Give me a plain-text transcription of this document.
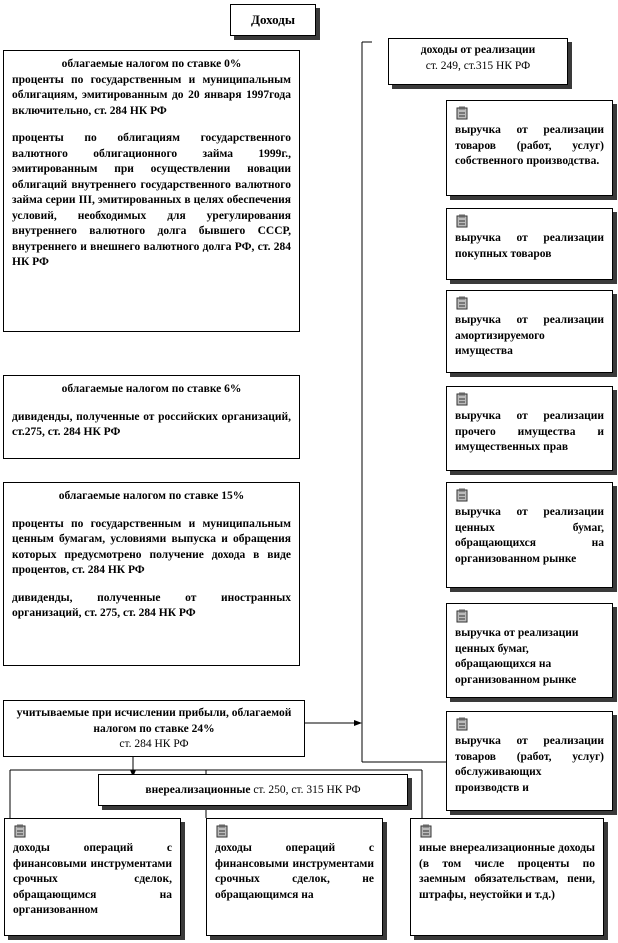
Доходы

облагаемые налогом по ставке 0%

проценты по государственным и муниципальным облигациям, эмитированным до 20 января 1997года включительно, ст. 284 НК РФ

проценты по облигациям государственного валютного облигационного займа 1999г., эмитированным при осуществлении новации облигаций внутреннего государственного валютного займа серии III, эмитированных в целях обеспечения условий, необходимых для урегулирования внутреннего валютного долга бывшего СССР, внутреннего и внешнего валютного долга РФ, ст. 284 НК РФ

облагаемые налогом по ставке 6%

дивиденды, полученные от российских организаций, ст.275, ст. 284 НК РФ

облагаемые налогом по ставке 15%

проценты по государственным и муниципальным ценным бумагам, условиями выпуска и обращения которых предусмотрено получение дохода в виде процентов, ст. 284 НК РФ

дивиденды, полученные от иностранных организаций, ст. 275, ст. 284 НК РФ

учитываемые при исчислении прибыли, облагаемой налогом по ставке 24%

ст. 284 НК РФ

доходы от реализации

ст. 249, ст.315 НК РФ

выручка от реализации товаров (работ, услуг) собственного производства.

выручка от реализации покупных товаров

выручка от реализации амортизируемого имущества

выручка от реализации прочего имущества и имущественных прав

выручка от реализации ценных бумаг, обращающихся на организованном рынке

выручка от реализации ценных бумаг, обращающихся на организованном рынке

выручка от реализации товаров (работ, услуг) обслуживающих производств и

внереализационные ст. 250, ст. 315 НК РФ

доходы операций с финансовыми инструментами срочных сделок, обращающимся на организованном

доходы операций с финансовыми инструментами срочных сделок, не обращающимся на

иные внереализационные доходы (в том числе проценты по заемным обязательствам, пени, штрафы, неустойки и т.д.)
